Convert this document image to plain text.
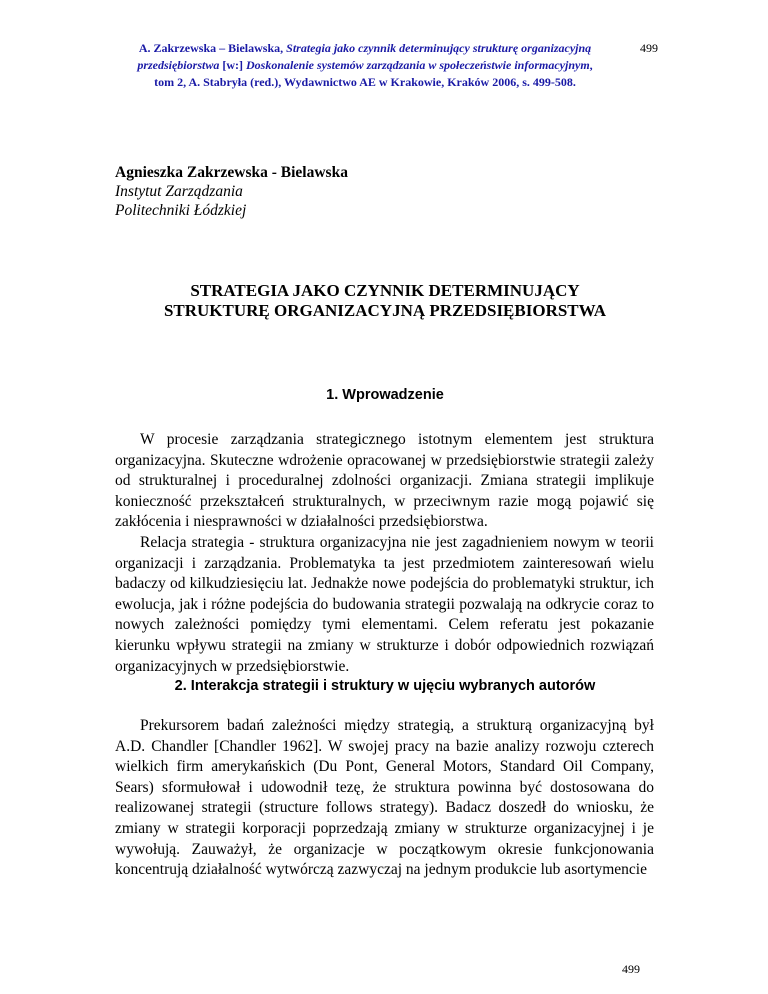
A. Zakrzewska – Bielawska, Strategia jako czynnik determinujący strukturę organizacyjną
przedsiębiorstwa [w:] Doskonalenie systemów zarządzania w społeczeństwie informacyjnym,
tom 2, A. Stabryła (red.), Wydawnictwo AE w Krakowie, Kraków 2006, s. 499-508.
499
Agnieszka Zakrzewska - Bielawska
Instytut Zarządzania
Politechniki Łódzkiej
STRATEGIA JAKO CZYNNIK DETERMINUJĄCY
STRUKTURĘ ORGANIZACYJNĄ PRZEDSIĘBIORSTWA
1. Wprowadzenie

W procesie zarządzania strategicznego istotnym elementem jest struktura organizacyjna. Skuteczne wdrożenie opracowanej w przedsiębiorstwie strategii zależy od strukturalnej i proceduralnej zdolności organizacji. Zmiana strategii implikuje konieczność przekształceń strukturalnych, w przeciwnym razie mogą pojawić się zakłócenia i niesprawności w działalności przedsiębiorstwa.

Relacja strategia - struktura organizacyjna nie jest zagadnieniem nowym w teorii organizacji i zarządzania. Problematyka ta jest przedmiotem zainteresowań wielu badaczy od kilkudziesięciu lat. Jednakże nowe podejścia do problematyki struktur, ich ewolucja, jak i różne podejścia do budowania strategii pozwalają na odkrycie coraz to nowych zależności pomiędzy tymi elementami. Celem referatu jest pokazanie kierunku wpływu strategii na zmiany w strukturze i dobór odpowiednich rozwiązań organizacyjnych w przedsiębiorstwie.

2. Interakcja strategii i struktury w ujęciu wybranych autorów

Prekursorem badań zależności między strategią, a strukturą organizacyjną był A.D. Chandler [Chandler 1962]. W swojej pracy na bazie analizy rozwoju czterech wielkich firm amerykańskich (Du Pont, General Motors, Standard Oil Company, Sears) sformułował i udowodnił tezę, że struktura powinna być dostosowana do realizowanej strategii (structure follows strategy). Badacz doszedł do wniosku, że zmiany w strategii korporacji poprzedzają zmiany w strukturze organizacyjnej i je wywołują. Zauważył, że organizacje w początkowym okresie funkcjonowania koncentrują działalność wytwórczą zazwyczaj na jednym produkcie lub asortymencie

499
